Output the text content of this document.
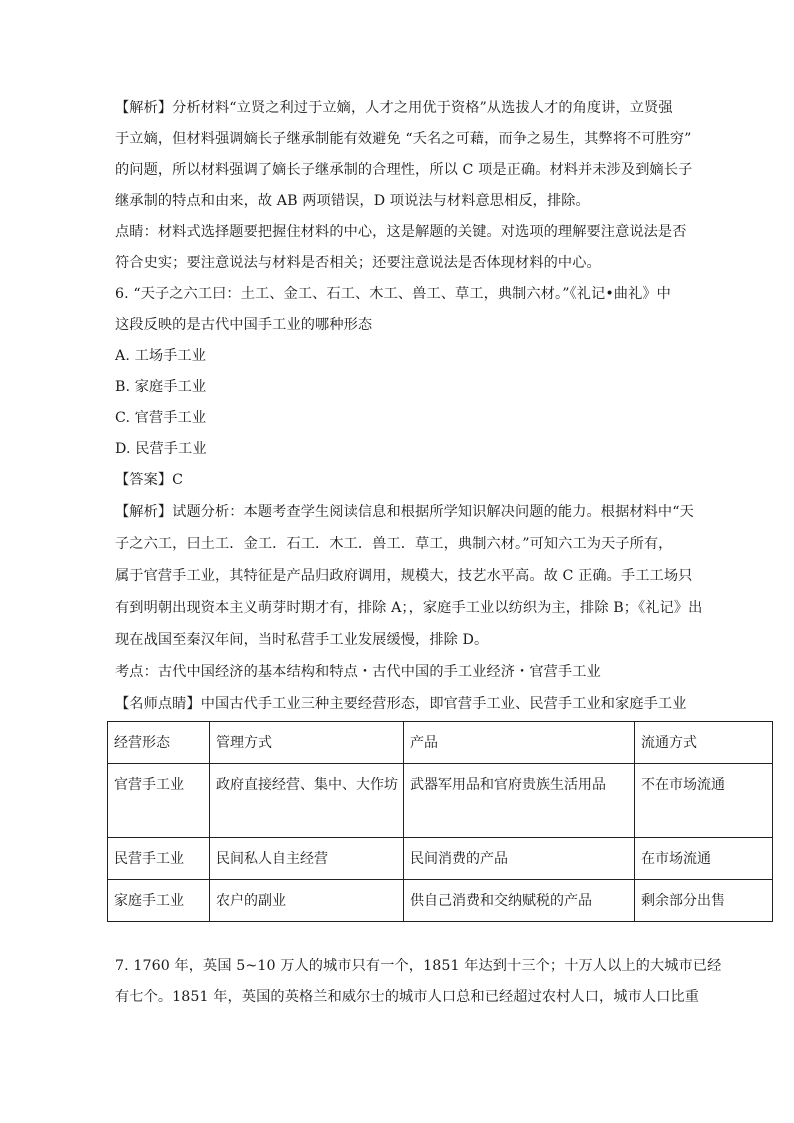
【解析】分析材料“立贤之利过于立嫡，人才之用优于资格”从选拔人才的角度讲，立贤强
于立嫡，但材料强调嫡长子继承制能有效避免 “夭名之可藉，而争之易生，其弊将不可胜穷”
的问题，所以材料强调了嫡长子继承制的合理性，所以 C 项是正确。材料并未涉及到嫡长子
继承制的特点和由来，故 AB 两项错误，D 项说法与材料意思相反，排除。
点睛：材料式选择题要把握住材料的中心，这是解题的关键。对选项的理解要注意说法是否
符合史实；要注意说法与材料是否相关；还要注意说法是否体现材料的中心。
6. “天子之六工曰：土工、金工、石工、木工、兽工、草工，典制六材。”《礼记•曲礼》中
这段反映的是古代中国手工业的哪种形态
A. 工场手工业
B. 家庭手工业
C. 官营手工业
D. 民营手工业
【答案】C
【解析】试题分析：本题考查学生阅读信息和根据所学知识解决问题的能力。根据材料中“天
子之六工，曰土工．金工．石工．木工．兽工．草工，典制六材。”可知六工为天子所有，
属于官营手工业，其特征是产品归政府调用，规模大，技艺水平高。故 C 正确。手工工场只
有到明朝出现资本主义萌芽时期才有，排除 A；，家庭手工业以纺织为主，排除 B；《礼记》出
现在战国至秦汉年间，当时私营手工业发展缓慢，排除 D。
考点：古代中国经济的基本结构和特点・古代中国的手工业经济・官营手工业
【名师点睛】中国古代手工业三种主要经营形态，即官营手工业、民营手工业和家庭手工业
经营形态	管理方式	产品	流通方式
官营手工业	政府直接经营、集中、大作坊	武器军用品和官府贵族生活用品	不在市场流通
民营手工业	民间私人自主经营	民间消费的产品	在市场流通
家庭手工业	农户的副业	供自己消费和交纳赋税的产品	剩余部分出售
7. 1760 年，英国 5~10 万人的城市只有一个，1851 年达到十三个；十万人以上的大城市已经
有七个。1851 年，英国的英格兰和威尔士的城市人口总和已经超过农村人口，城市人口比重
